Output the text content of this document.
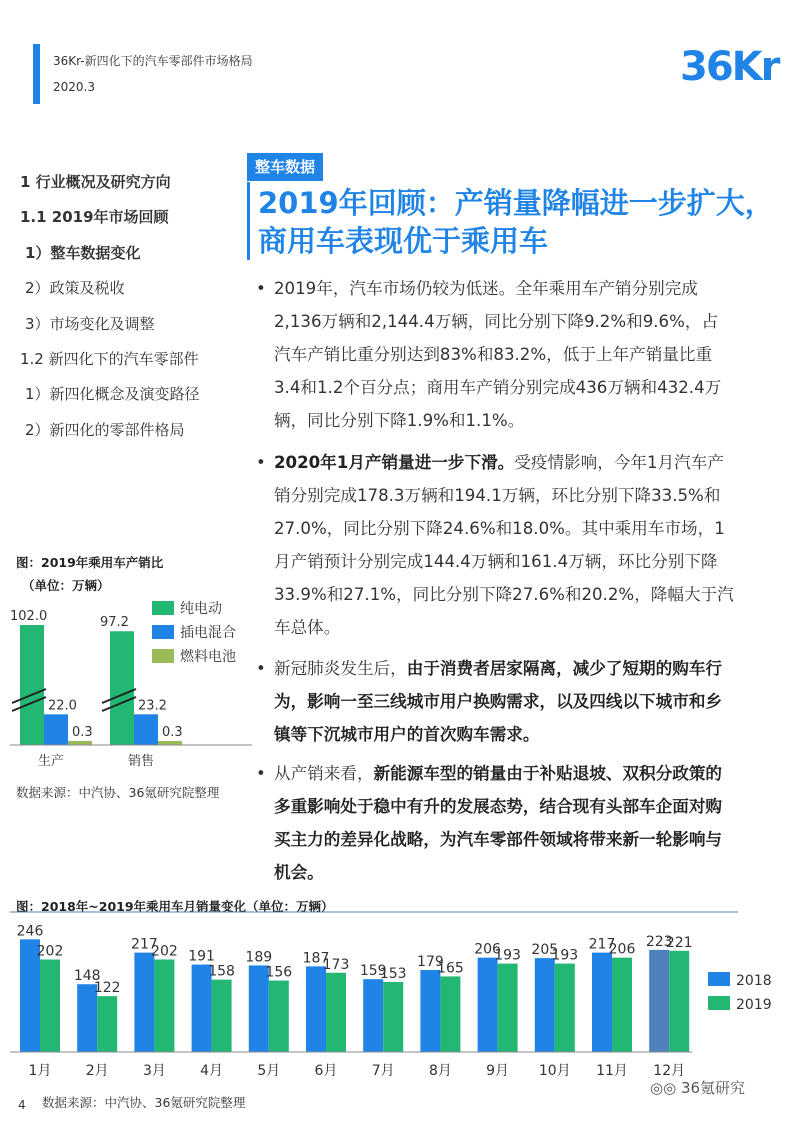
36Kr-新四化下的汽车零部件市场格局
2020.3	36Kr
1 行业概况及研究方向
1.1 2019年市场回顾
1）整车数据变化
2）政策及税收
3）市场变化及调整
1.2 新四化下的汽车零部件
1）新四化概念及演变路径
2）新四化的零部件格局
整车数据
2019年回顾：产销量降幅进一步扩大，商用车表现优于乘用车
• 2019年，汽车市场仍较为低迷。全年乘用车产销分别完成2,136万辆和2,144.4万辆，同比分别下降9.2%和9.6%，占汽车产销比重分别达到83%和83.2%，低于上年产销量比重3.4和1.2个百分点；商用车产销分别完成436万辆和432.4万辆，同比分别下降1.9%和1.1%。
• 2020年1月产销量进一步下滑。受疫情影响，今年1月汽车产销分别完成178.3万辆和194.1万辆，环比分别下降33.5%和27.0%，同比分别下降24.6%和18.0%。其中乘用车市场，1月产销预计分别完成144.4万辆和161.4万辆，环比分别下降33.9%和27.1%，同比分别下降27.6%和20.2%，降幅大于汽车总体。
• 新冠肺炎发生后，由于消费者居家隔离，减少了短期的购车行为，影响一至三线城市用户换购需求，以及四线以下城市和乡镇等下沉城市用户的首次购车需求。
• 从产销来看，新能源车型的销量由于补贴退坡、双积分政策的多重影响处于稳中有升的发展态势，结合现有头部车企面对购买主力的差异化战略，为汽车零部件领域将带来新一轮影响与机会。
图：2019年乘用车产销比
（单位：万辆）
102.0
22.0
0.3
生产
97.2
23.2
0.3
销售
纯电动
插电混合
燃料电池
数据来源：中汽协、36氪研究院整理
图：2018年~2019年乘用车月销量变化（单位：万辆）
246
202
1月
148
122
2月
217
202
3月
191
158
4月
189
156
5月
187
173
6月
159
153
7月
179
165
8月
206
193
9月
205
193
10月
217
206
11月
223
221
12月
2018
2019
4 数据来源：中汽协、36氪研究院整理
◎◎ 36氪研究
